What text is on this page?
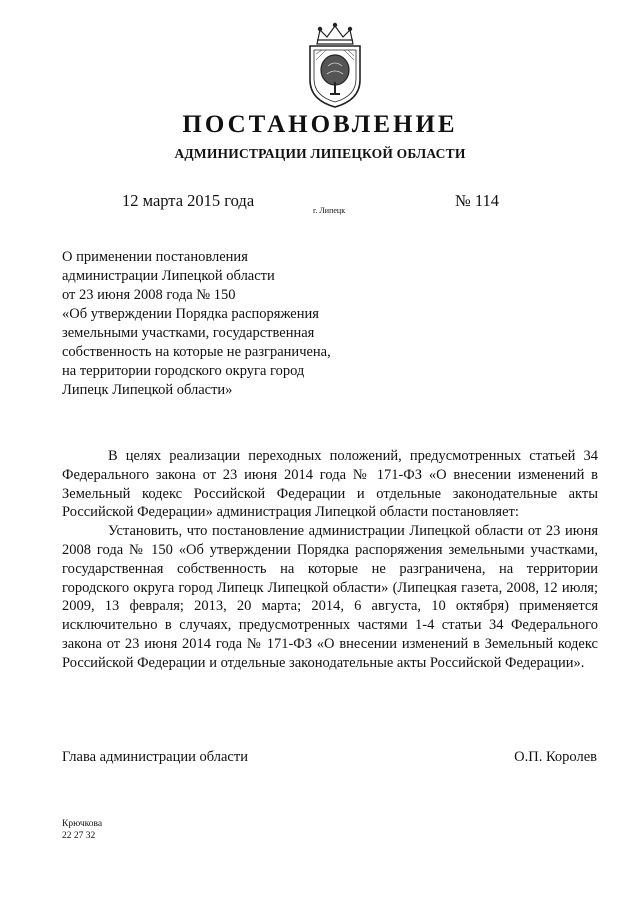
ПОСТАНОВЛЕНИЕ
АДМИНИСТРАЦИИ ЛИПЕЦКОЙ ОБЛАСТИ
12 марта 2015 года
г. Липецк
№ 114
О применении постановления
администрации Липецкой области
от 23 июня 2008 года № 150
«Об утверждении Порядка распоряжения
земельными участками, государственная
собственность на которые не разграничена,
на территории городского округа город
Липецк Липецкой области»

В целях реализации переходных положений, предусмотренных статьей 34 Федерального закона от 23 июня 2014 года № 171-ФЗ «О внесении изменений в Земельный кодекс Российской Федерации и отдельные законодательные акты Российской Федерации» администрация Липецкой области постановляет:

Установить, что постановление администрации Липецкой области от 23 июня 2008 года № 150 «Об утверждении Порядка распоряжения земельными участками, государственная собственность на которые не разграничена, на территории городского округа город Липецк Липецкой области» (Липецкая газета, 2008, 12 июля; 2009, 13 февраля; 2013, 20 марта; 2014, 6 августа, 10 октября) применяется исключительно в случаях, предусмотренных частями 1-4 статьи 34 Федерального закона от 23 июня 2014 года № 171-ФЗ «О внесении изменений в Земельный кодекс Российской Федерации и отдельные законодательные акты Российской Федерации».

Глава администрации области	О.П. Королев
Крючкова
22 27 32
